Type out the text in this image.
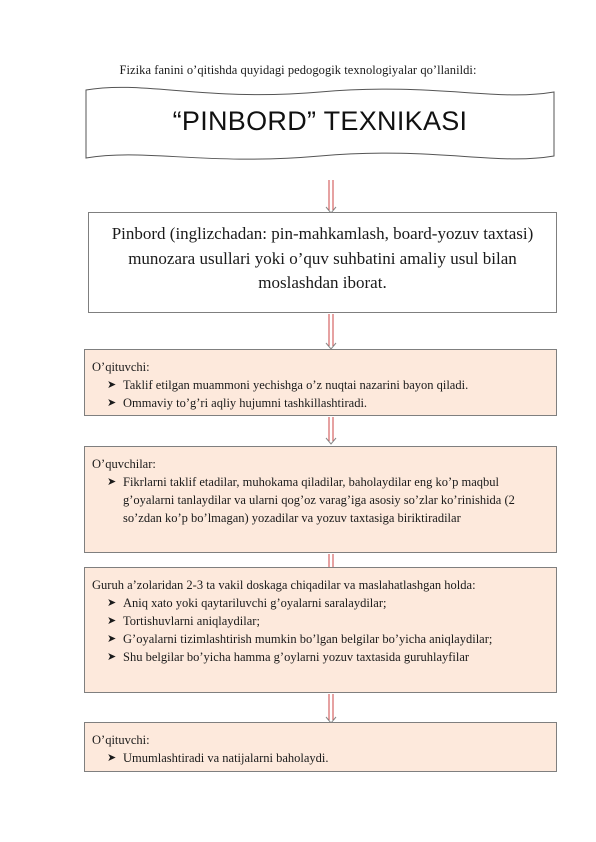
Fizika fanini o’qitishda quyidagi pedogogik texnologiyalar qo’llanildi:
“PINBORD” TEXNIKASI
Pinbord (inglizchadan: pin-mahkamlash, board-yozuv taxtasi) munozara usullari yoki o’quv suhbatini amaliy usul bilan moslashdan iborat.
O’qituvchi:
➤ Taklif etilgan muammoni yechishga o’z nuqtai nazarini bayon qiladi.
➤ Ommaviy to’g’ri aqliy hujumni tashkillashtiradi.
O’quvchilar:
➤ Fikrlarni taklif etadilar, muhokama qiladilar, baholaydilar eng ko’p maqbul g’oyalarni tanlaydilar va ularni qog’oz varag’iga asosiy so’zlar ko’rinishida (2 so’zdan ko’p bo’lmagan) yozadilar va yozuv taxtasiga biriktiradilar
Guruh a’zolaridan 2-3 ta vakil doskaga chiqadilar va maslahatlashgan holda:
➤ Aniq xato yoki qaytariluvchi g’oyalarni saralaydilar;
➤ Tortishuvlarni aniqlaydilar;
➤ G’oyalarni tizimlashtirish mumkin bo’lgan belgilar bo’yicha aniqlaydilar;
➤ Shu belgilar bo’yicha hamma g’oylarni yozuv taxtasida guruhlayfilar
O’qituvchi:
➤ Umumlashtiradi va natijalarni baholaydi.
